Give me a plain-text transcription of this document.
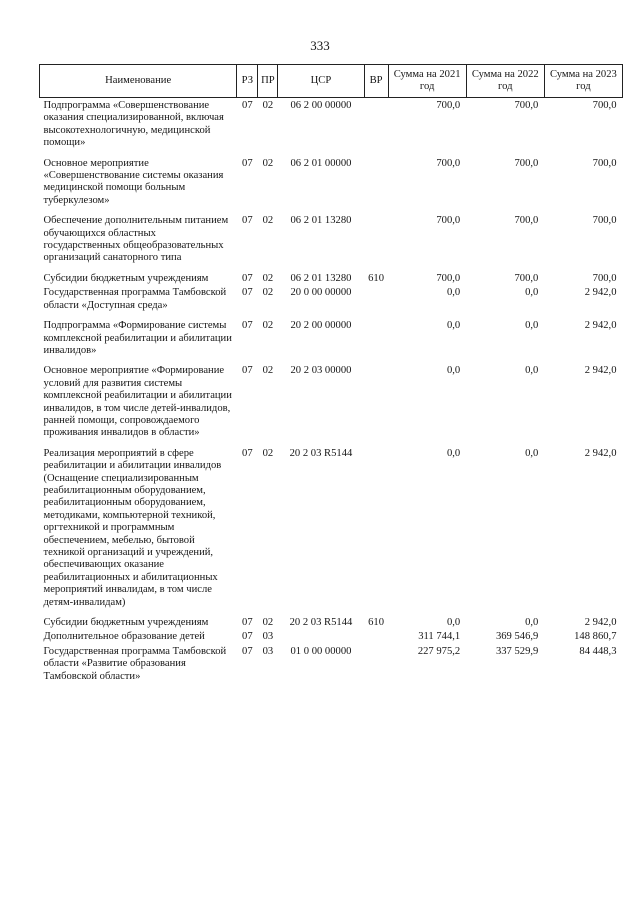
333
Наименование	РЗ	ПР	ЦСР	ВР	Сумма на 2021 год	Сумма на 2022 год	Сумма на 2023 год
Подпрограмма «Совершенствование оказания специализированной, включая высокотехнологичную, медицинской помощи»	07	02	06 2 00 00000		700,0	700,0	700,0
Основное мероприятие «Совершенствование системы оказания медицинской помощи больным туберкулезом»	07	02	06 2 01 00000		700,0	700,0	700,0
Обеспечение дополнительным питанием обучающихся областных государственных общеобразовательных организаций санаторного типа	07	02	06 2 01 13280		700,0	700,0	700,0
Субсидии бюджетным учреждениям	07	02	06 2 01 13280	610	700,0	700,0	700,0
Государственная программа Тамбовской области «Доступная среда»	07	02	20 0 00 00000		0,0	0,0	2 942,0
Подпрограмма «Формирование системы комплексной реабилитации и абилитации инвалидов»	07	02	20 2 00 00000		0,0	0,0	2 942,0
Основное мероприятие «Формирование условий для развития системы комплексной реабилитации и абилитации инвалидов, в том числе детей-инвалидов, ранней помощи, сопровождаемого проживания инвалидов в области»	07	02	20 2 03 00000		0,0	0,0	2 942,0
Реализация мероприятий в сфере реабилитации и абилитации инвалидов (Оснащение специализированным реабилитационным оборудованием, реабилитационным оборудованием, методиками, компьютерной техникой, оргтехникой и программным обеспечением, мебелью, бытовой техникой организаций и учреждений, обеспечивающих оказание реабилитационных и абилитационных мероприятий инвалидам, в том числе детям-инвалидам)	07	02	20 2 03 R5144		0,0	0,0	2 942,0
Субсидии бюджетным учреждениям	07	02	20 2 03 R5144	610	0,0	0,0	2 942,0
Дополнительное образование детей	07	03			311 744,1	369 546,9	148 860,7
Государственная программа Тамбовской области «Развитие образования Тамбовской области»	07	03	01 0 00 00000		227 975,2	337 529,9	84 448,3
